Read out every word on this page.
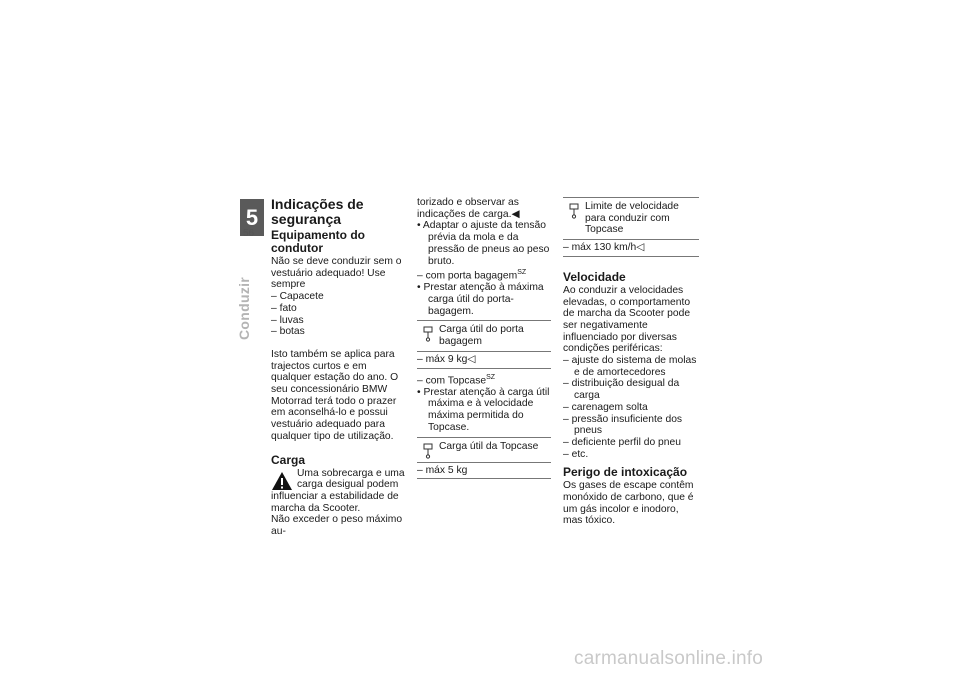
5
56
Conduzir
Indicações de
segurança
Equipamento do condutor

Não se deve conduzir sem o vestuário adequado! Use sempre

– Capacete

– fato

– luvas

– botas

Isto também se aplica para trajectos curtos e em qualquer estação do ano. O seu concessionário BMW Motorrad terá todo o prazer em aconselhá-lo e possui vestuário adequado para qualquer tipo de utilização.

Carga

Uma sobrecarga e uma carga desigual podem influenciar a estabilidade de marcha da Scooter.

Não exceder o peso máximo au-

torizado e observar as indicações de carga.◀

• Adaptar o ajuste da tensão prévia da mola e da pressão de pneus ao peso bruto.

– com porta bagagem$^{SZ}$

• Prestar atenção à máxima carga útil do porta-bagagem.

Carga útil do porta bagagem
– máx 9 kg◁

– com Topcase$^{SZ}$

• Prestar atenção à carga útil máxima e à velocidade máxima permitida do Topcase.

Carga útil da Topcase
– máx 5 kg
Limite de velocidade para conduzir com Topcase
– máx 130 km/h◁
Velocidade

Ao conduzir a velocidades elevadas, o comportamento de marcha da Scooter pode ser negativamente influenciado por diversas condições periféricas:

– ajuste do sistema de molas e de amortecedores

– distribuição desigual da carga

– carenagem solta

– pressão insuficiente dos pneus

– deficiente perfil do pneu

– etc.

Perigo de intoxicação

Os gases de escape contêm monóxido de carbono, que é um gás incolor e inodoro, mas tóxico.

carmanualsonline.info
